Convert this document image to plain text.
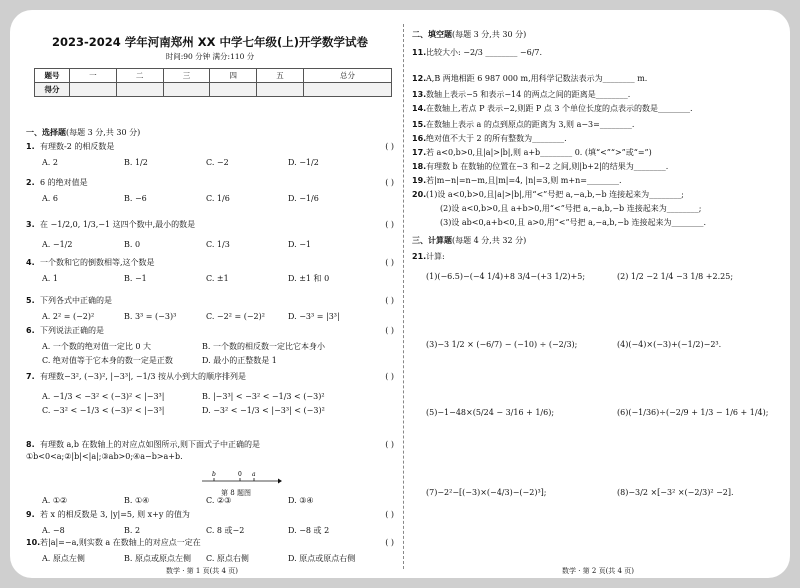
2023-2024 学年河南郑州 XX 中学七年级(上)开学数学试卷
时间:90 分钟 满分:110 分
题号	一	二	三	四	五	总分
得分						
一、选择题(每题 3 分,共 30 分)
1. 有理数-2 的相反数是	( )
A. 2	B. 1/2	C. −2	D. −1/2
2. 6 的绝对值是	( )
A. 6	B. −6	C. 1/6	D. −1/6
3. 在 −1/2,0, 1/3,−1 这四个数中,最小的数是	( )
A. −1/2	B. 0	C. 1/3	D. −1
4. 一个数和它的倒数相等,这个数是	( )
A. 1	B. −1	C. ±1	D. ±1 和 0
5. 下列各式中正确的是	( )
A. 2² = (−2)²	B. 3³ = (−3)³	C. −2² = (−2)²	D. −3³ = |3³|
6. 下列说法正确的是	( )
A. 一个数的绝对值一定比 0 大	B. 一个数的相反数一定比它本身小
C. 绝对值等于它本身的数一定是正数	D. 最小的正整数是 1
7. 有理数−3², (−3)², |−3³|, −1/3 按从小到大的顺序排列是	( )
A. −1/3 < −3² < (−3)² < |−3³|	B. |−3³| < −3² < −1/3 < (−3)²
C. −3² < −1/3 < (−3)² < |−3³|	D. −3² < −1/3 < |−3³| < (−3)²
8. 有理数 a,b 在数轴上的对应点如图所示,则下面式子中正确的是	( )
①b<0<a;②|b|<|a|;③ab>0;④a−b>a+b.
A. ①②	B. ①④	C. ②③	D. ③④
9. 若 x 的相反数是 3, |y|=5, 则 x+y 的值为	( )
A. −8	B. 2	C. 8 或−2	D. −8 或 2
10.若|a|=−a,则实数 a 在数轴上的对应点一定在	( )
A. 原点左侧	B. 原点或原点左侧	C. 原点右侧	D. 原点或原点右侧
b	0 a
第 8 题图
数学 · 第 1 页(共 4 页)
二、填空题(每题 3 分,共 30 分)
11.比较大小: −2/3 ________ −6/7.
12.A,B 两地相距 6 987 000 m,用科学记数法表示为________ m.
13.数轴上表示−5 和表示−14 的两点之间的距离是________.
14.在数轴上,若点 P 表示−2,则距 P 点 3 个单位长度的点表示的数是________.
15.在数轴上表示 a 的点到原点的距离为 3,则 a−3=________.
16.绝对值不大于 2 的所有整数为________.
17.若 a<0,b>0,且|a|>|b|,则 a+b________ 0. (填“<”“>”或“=”)
18.有理数 b 在数轴的位置在−3 和−2 之间,则|b+2|的结果为________.
19.若|m−n|=n−m,且|m|=4, |n|=3,则 m+n=________.
20.(1)设 a<0,b>0,且|a|>|b|,用“<”号把 a,−a,b,−b 连接起来为________;
(2)设 a<0,b>0,且 a+b>0,用“<”号把 a,−a,b,−b 连接起来为________;
(3)设 ab<0,a+b<0,且 a>0,用“<”号把 a,−a,b,−b 连接起来为________.
三、计算题(每题 4 分,共 32 分)
21.计算:
(1)(−6.5)−(−4 1/4)+8 3/4−(+3 1/2)+5;	(2) 1/2 −2 1/4 −3 1/8 +2.25;
(3)−3 1/2 × (−6/7) − (−10) ÷ (−2/3);	(4)(−4)×(−3)+(−1/2)−2³.
(5)−1−48×(5/24 − 3/16 + 1/6);	(6)(−1/36)÷(−2/9 + 1/3 − 1/6 + 1/4);
(7)−2²−[(−3)×(−4/3)−(−2)³];	(8)−3/2 ×[−3² ×(−2/3)² −2].
数学 · 第 2 页(共 4 页)
